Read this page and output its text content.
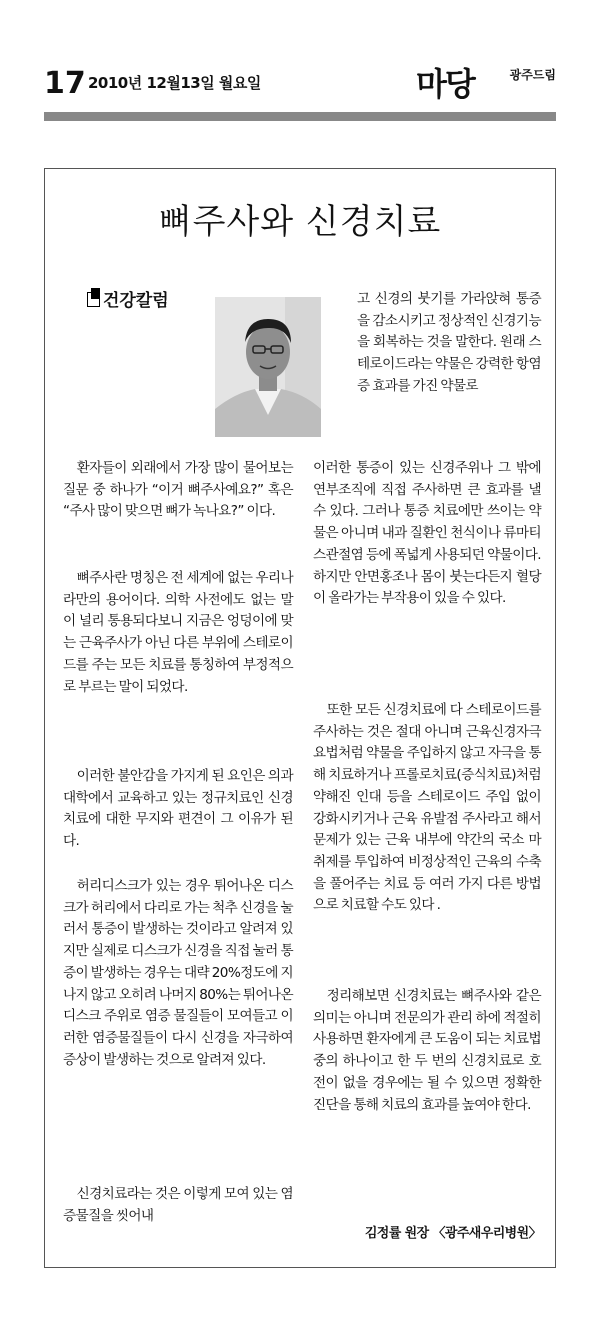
17 2010년 12월13일 월요일	마당	광주드림
뼈주사와 신경치료
건강칼럼

환자들이 외래에서 가장 많이 물어보는 질문 중 하나가 “이거 뼈주사예요?” 혹은 “주사 많이 맞으면 뼈가 녹나요?” 이다.

뼈주사란 명칭은 전 세계에 없는 우리나라만의 용어이다. 의학 사전에도 없는 말이 널리 통용되다보니 지금은 엉덩이에 맞는 근육주사가 아닌 다른 부위에 스테로이드를 주는 모든 치료를 통칭하여 부정적으로 부르는 말이 되었다.

이러한 불안감을 가지게 된 요인은 의과대학에서 교육하고 있는 정규치료인 신경치료에 대한 무지와 편견이 그 이유가 된다.

허리디스크가 있는 경우 튀어나온 디스크가 허리에서 다리로 가는 척추 신경을 눌러서 통증이 발생하는 것이라고 알려져 있지만 실제로 디스크가 신경을 직접 눌러 통증이 발생하는 경우는 대략 20%정도에 지나지 않고 오히려 나머지 80%는 튀어나온 디스크 주위로 염증 물질들이 모여들고 이러한 염증물질들이 다시 신경을 자극하여 증상이 발생하는 것으로 알려져 있다.

신경치료라는 것은 이렇게 모여 있는 염증물질을 씻어내

고 신경의 붓기를 가라앉혀 통증을 감소시키고 정상적인 신경기능을 회복하는 것을 말한다. 원래 스테로이드라는 약물은 강력한 항염증 효과를 가진 약물로

이러한 통증이 있는 신경주위나 그 밖에 연부조직에 직접 주사하면 큰 효과를 낼 수 있다. 그러나 통증 치료에만 쓰이는 약물은 아니며 내과 질환인 천식이나 류마티스관절염 등에 폭넓게 사용되던 약물이다. 하지만 안면홍조나 몸이 붓는다든지 혈당이 올라가는 부작용이 있을 수 있다.

또한 모든 신경치료에 다 스테로이드를 주사하는 것은 절대 아니며 근육신경자극요법처럼 약물을 주입하지 않고 자극을 통해 치료하거나 프롤로치료(증식치료)처럼 약해진 인대 등을 스테로이드 주입 없이 강화시키거나 근육 유발점 주사라고 해서 문제가 있는 근육 내부에 약간의 국소 마취제를 투입하여 비정상적인 근육의 수축을 풀어주는 치료 등 여러 가지 다른 방법으로 치료할 수도 있다 .

정리해보면 신경치료는 뼈주사와 같은 의미는 아니며 전문의가 관리 하에 적절히 사용하면 환자에게 큰 도움이 되는 치료법 중의 하나이고 한 두 번의 신경치료로 호전이 없을 경우에는 될 수 있으면 정확한 진단을 통해 치료의 효과를 높여야 한다.

김정률 원장 〈광주새우리병원〉
